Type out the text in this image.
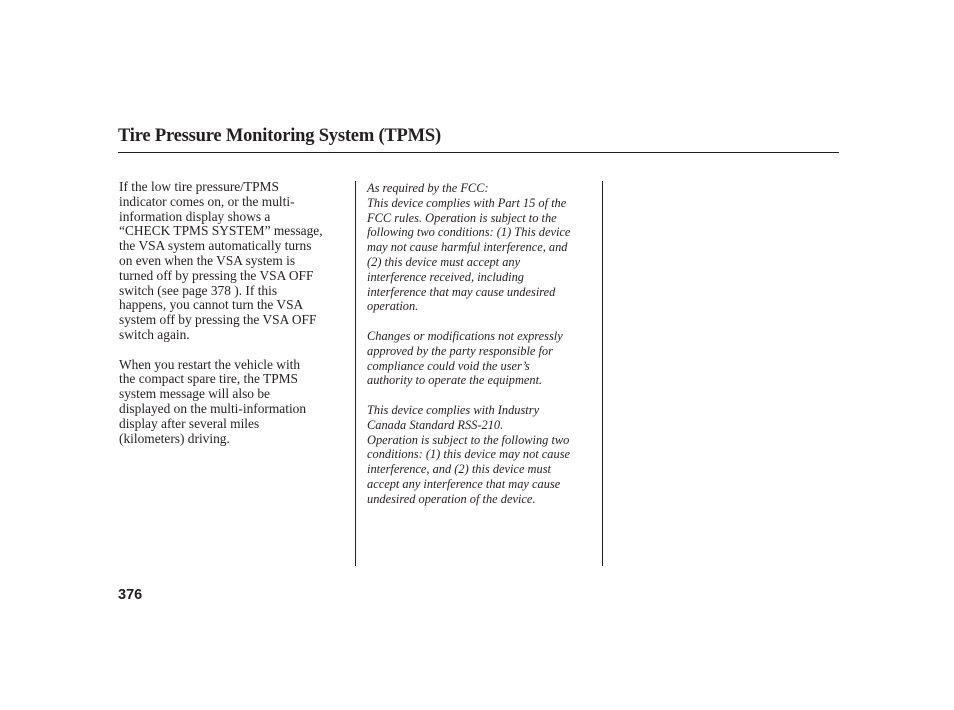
Tire Pressure Monitoring System (TPMS)

If the low tire pressure/TPMS
indicator comes on, or the multi-
information display shows a
“CHECK TPMS SYSTEM” message,
the VSA system automatically turns
on even when the VSA system is
turned off by pressing the VSA OFF
switch (see page 378 ). If this
happens, you cannot turn the VSA
system off by pressing the VSA OFF
switch again.

When you restart the vehicle with
the compact spare tire, the TPMS
system message will also be
displayed on the multi-information
display after several miles
(kilometers) driving.

As required by the FCC:

This device complies with Part 15 of the
FCC rules. Operation is subject to the
following two conditions: (1) This device
may not cause harmful interference, and
(2) this device must accept any
interference received, including
interference that may cause undesired
operation.

Changes or modifications not expressly
approved by the party responsible for
compliance could void the user’s
authority to operate the equipment.

This device complies with Industry
Canada Standard RSS-210.

Operation is subject to the following two
conditions: (1) this device may not cause
interference, and (2) this device must
accept any interference that may cause
undesired operation of the device.

376
